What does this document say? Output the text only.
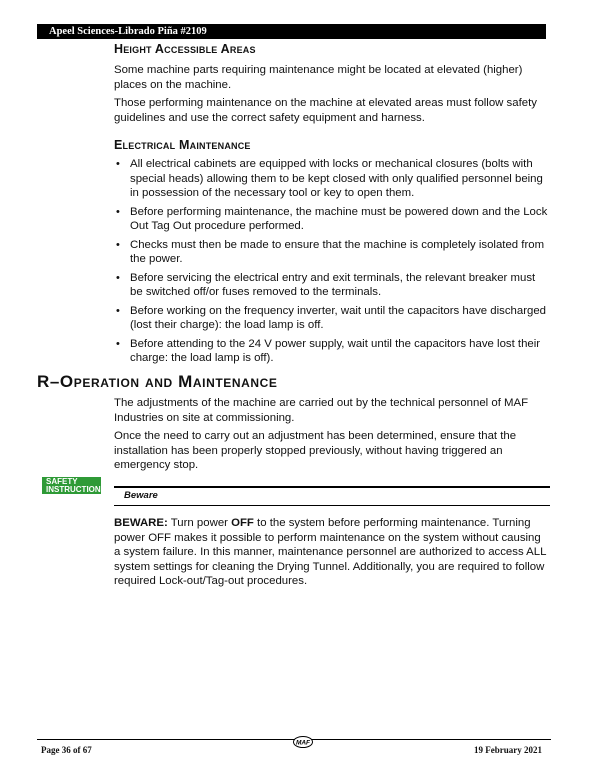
Apeel Sciences-Librado Piña #2109
Height Accessible Areas

Some machine parts requiring maintenance might be located at elevated (higher) places on the machine.

Those performing maintenance on the machine at elevated areas must follow safety guidelines and use the correct safety equipment and harness.

Electrical Maintenance
• All electrical cabinets are equipped with locks or mechanical closures (bolts with special heads) allowing them to be kept closed with only qualified personnel being in possession of the necessary tool or key to open them.
• Before performing maintenance, the machine must be powered down and the Lock Out Tag Out procedure performed.
• Checks must then be made to ensure that the machine is completely isolated from the power.
• Before servicing the electrical entry and exit terminals, the relevant breaker must be switched off/or fuses removed to the terminals.
• Before working on the frequency inverter, wait until the capacitors have discharged (lost their charge): the load lamp is off.
• Before attending to the 24 V power supply, wait until the capacitors have lost their charge: the load lamp is off).
R–Operation and Maintenance

The adjustments of the machine are carried out by the technical personnel of MAF Industries on site at commissioning.

Once the need to carry out an adjustment has been determined, ensure that the installation has been properly stopped previously, without having triggered an emergency stop.

SAFETY
INSTRUCTIONS
Beware

BEWARE: Turn power OFF to the system before performing maintenance. Turning power OFF makes it possible to perform maintenance on the system without causing a system failure. In this manner, maintenance personnel are authorized to access ALL system settings for cleaning the Drying Tunnel. Additionally, you are required to follow required Lock-out/Tag-out procedures.

Page 36 of 67
MAF
19 February 2021
